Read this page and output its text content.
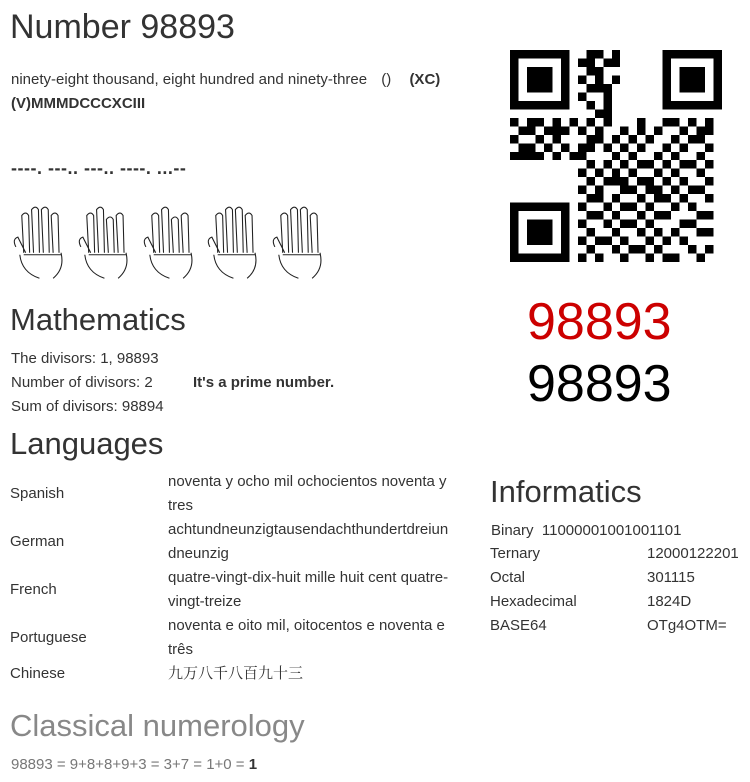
Number 98893
ninety-eight thousand, eight hundred and ninety-three () (XC)
(V)MMMDCCCXCIII
----. ---.. ---.. ----. ...--
98893
98893
Mathematics
The divisors: 1, 98893
Number of divisors: 2	It's a prime number.
Sum of divisors: 98894
Languages
Spanish	noventa y ocho mil ochocientos noventa y
tres

German	achtundneunzigtausendachthundertdreiun
dneunzig

French	quatre-vingt-dix-huit mille huit cent quatre-
vingt-treize

Portuguese	noventa e oito mil, oitocentos e noventa e
três

Chinese	九万八千八百九十三
Informatics
Binary 11000001001001101
Ternary	12000122201
Octal	301115
Hexadecimal	1824D
BASE64	OTg4OTM=
Classical numerology
98893 = 9+8+8+9+3 = 3+7 = 1+0 = 1
